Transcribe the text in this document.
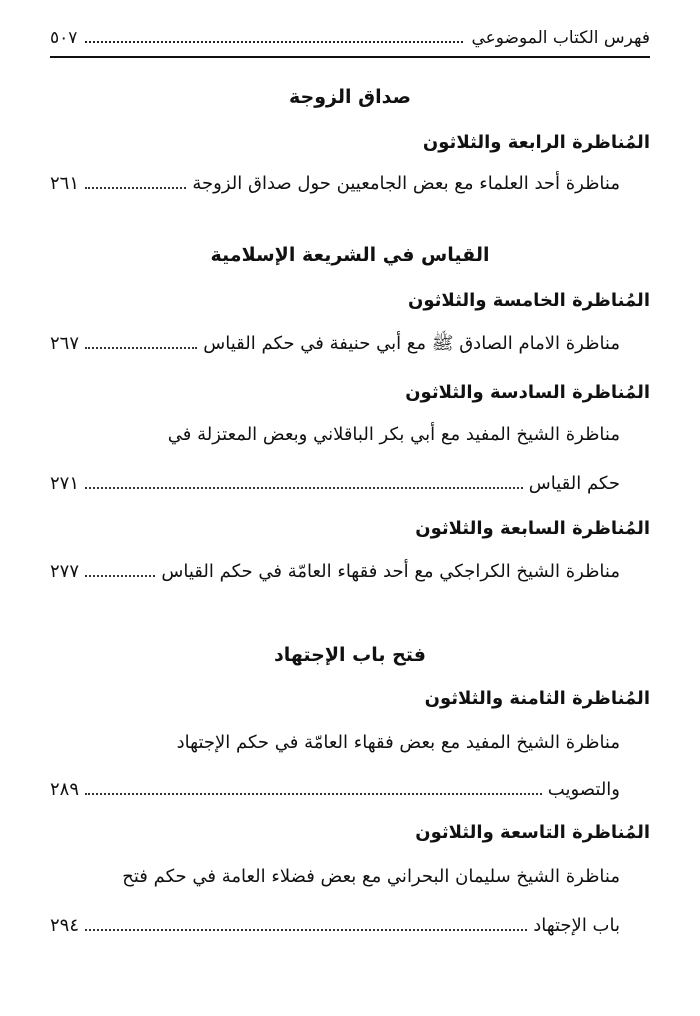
فهرس الكتاب الموضوعي
٥٠٧
صداق الزوجة
المُناظرة الرابعة والثلاثون
مناظرة أحد العلماء مع بعض الجامعيين حول صداق الزوجة
٢٦١
القياس في الشريعة الإسلامية
المُناظرة الخامسة والثلاثون
مناظرة الامام الصادق ﷺ مع أبي حنيفة في حكم القياس
٢٦٧
المُناظرة السادسة والثلاثون
مناظرة الشيخ المفيد مع أبي بكر الباقلاني وبعض المعتزلة في
حكم القياس
٢٧١
المُناظرة السابعة والثلاثون
مناظرة الشيخ الكراجكي مع أحد فقهاء العامّة في حكم القياس
٢٧٧
فتح باب الإجتهاد
المُناظرة الثامنة والثلاثون
مناظرة الشيخ المفيد مع بعض فقهاء العامّة في حكم الإجتهاد
والتصويب
٢٨٩
المُناظرة التاسعة والثلاثون
مناظرة الشيخ سليمان البحراني مع بعض فضلاء العامة في حكم فتح
باب الإجتهاد
٢٩٤
